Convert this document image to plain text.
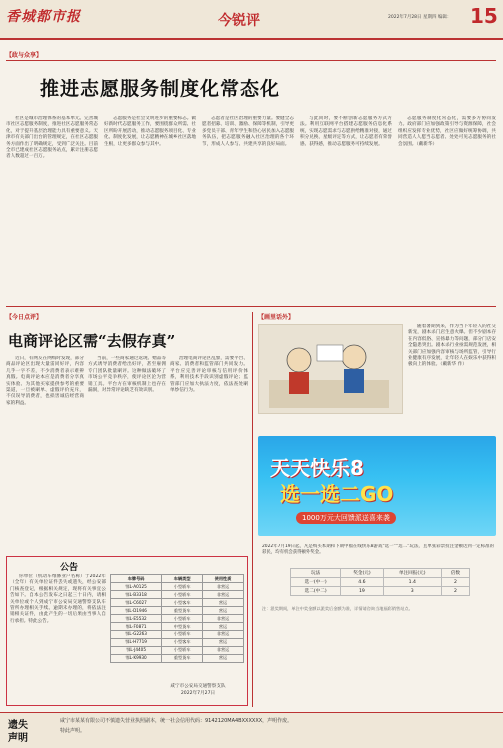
香城都市报	今锐评	2022年7月28日 星期四 编辑： 15
【政与众享】
推进志愿服务制度化常态化
社区是城市治理体系的基本单元。完善城市社区志愿服务制度，推进社区志愿服务常态化，对于提升基层治理能力具有重要意义。天津市有关部门出台的管理规定，在社区志愿服务方面作出了明确规定，受到广泛关注。目前全市已建成社区志愿服务站点，累计注册志愿者人数超过一百万。
志愿服务是社会文明进步的重要标志。做好新时代志愿服务工作，要围绕群众所需、社区所盼开展活动，推动志愿服务项目化、专业化、制度化发展，让志愿精神在城乡社区落地生根，让更多群众参与其中。
志愿者是社区治理的重要力量。要健全志愿者招募、培训、激励、保障等机制，引导更多党员干部、青年学生和热心居民加入志愿服务队伍，把志愿服务融入社区治理的各个环节，形成人人参与、共建共享的良好局面。
与此同时，要不断创新志愿服务方式方法。利用互联网平台搭建志愿服务信息化系统，实现志愿需求与志愿供给精准对接，通过积分兑换、星级评定等方式，让志愿者有荣誉感、获得感，推动志愿服务可持续发展。
志愿服务制度化常态化，需要多方协同发力。政府部门应加强政策引导与资源保障，社会组织应发挥专业优势，社区应做好统筹协调，共同营造人人愿当志愿者、处处可见志愿服务的社会氛围。（戴新华）
【今日点评】
电商评论区需“去假存真”
近日，有网友在网购时发现，部分商品评论区出现大量雷同好评，内容几乎一字不差，不少消费者表示难辨真假。电商评论本应是消费者分享真实体验、为其他买家提供参考的重要渠道，一旦被刷单、虚假评价充斥，不仅误导消费者，也损害诚信经营商家的利益。
当前，一些商家通过返现、赠品等方式诱导消费者给出好评，甚至雇佣专门团队批量刷评。这种做法破坏了市场公平竞争秩序，使评论区沦为营销工具。平台方在审核机制上也存在漏洞，对异常评论缺乏有效识别。
治理电商评论区乱象，需要平台、商家、消费者和监管部门共同发力。平台应完善评论审核与信用评价体系，利用技术手段识别虚假评论；监管部门应加大执法力度，依法查处刷单炒信行为。
【画里话外】
随着暑期到来，作为当下年轻人的社交新宠，剧本杀门店生意火爆。但不少剧本存在内容低俗、宣扬暴力等问题，部分门店安全隐患突出。剧本杀行业亟需规范发展，相关部门应加强内容审核与场所监管，引导行业健康有序发展，让年轻人在娱乐中获得积极向上的体验。（戴新华 作）
天天快乐8
选一选二GO
1000万元大回馈派送喜来袭
2022年7月19日起，凡是购买本期和下期中福在线快乐8游戏“选一”“选二”玩法，且单张彩票投注金额达到一定标准的彩民，均有机会获得额外奖金。
玩法	奖金(元)	单注回报(元)	倍数
选一(中一)	4.6	1.4	2
选二(中二)	19	3	2
注：派奖期间，单注中奖金额以派奖后金额为准，详情请咨询当地福彩销售站点。
公告
你单位（机动车维修业户名称）于2022年（全年）有关单位证件丢失或遗失，经公安部门核查登记，根据相关规定，现将有关事宜公告如下。自本公告发布之日起三十日内，请相关单位或个人到成宁市公安局交通警察支队车管所办理相关手续。逾期未办理的，将依法注销相关证件，由此产生的一切后果由当事人自行承担。特此公告。
车牌号码	车辆类型	使用性质
鄂L·A0125	小型轿车	非营运
鄂L·B3318	小型轿车	非营运
鄂L·C6027	小型客车	营运
鄂L·D1946	重型货车	营运
鄂L·E5532	小型轿车	非营运
鄂L·F0871	中型货车	营运
鄂L·G2263	小型轿车	非营运
鄂L·H7719	小型客车	营运
鄂L·J4405	小型轿车	非营运
鄂L·K9930	重型货车	营运
咸宁市公安局交通警察支队
2022年7月27日
遗失
声明
咸宁市某某有限公司不慎遗失营业执照副本，统一社会信用代码：9142120MA4BXXXXXX，声明作废。
特此声明。
